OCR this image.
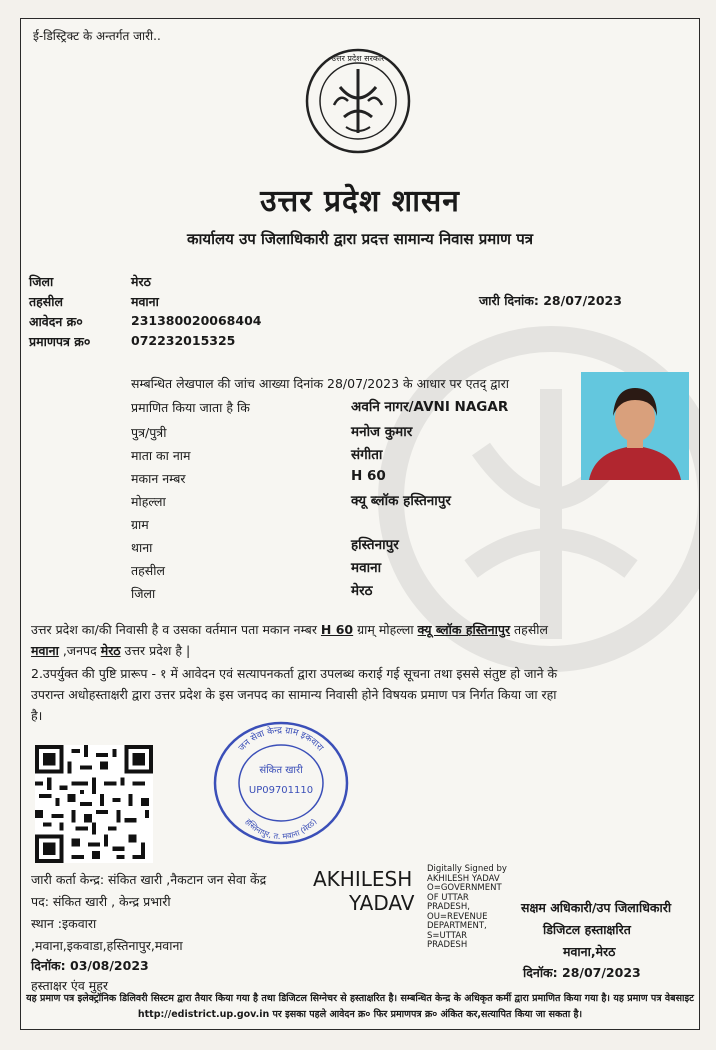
ई-डिस्ट्रिक्ट के अन्तर्गत जारी..
उत्तर प्रदेश सरकार
उत्तर प्रदेश शासन
कार्यालय उप जिलाधिकारी द्वारा प्रदत्त सामान्य निवास प्रमाण पत्र
जिला	मेरठ
तहसील	मवाना
आवेदन क्र०	231380020068404
प्रमाणपत्र क्र०	072232015325
जारी दिनांक: 28/07/2023
सम्बन्धित लेखपाल की जांच आख्या दिनांक 28/07/2023 के आधार पर एतद् द्वारा
प्रमाणित किया जाता है कि	अवनि नागर/AVNI NAGAR
पुत्र/पुत्री	मनोज कुमार
माता का नाम	संगीता
मकान नम्बर	H 60
मोहल्ला	क्यू ब्लॉक हस्तिनापुर
ग्राम
थाना	हस्तिनापुर
तहसील	मवाना
जिला	मेरठ
उत्तर प्रदेश का/की निवासी है व उसका वर्तमान पता मकान नम्बर H 60 ग्राम् मोहल्ला क्यू ब्लॉक हस्तिनापुर तहसील
मवाना ,जनपद मेरठ उत्तर प्रदेश है |
2.उपर्युक्त की पुष्टि प्रारूप - १ में आवेदन एवं सत्यापनकर्ता द्वारा उपलब्ध कराई गई सूचना तथा इससे संतुष्ट हो जाने के
उपरान्त अधोहस्ताक्षरी द्वारा उत्तर प्रदेश के इस जनपद का सामान्य निवासी होने विषयक प्रमाण पत्र निर्गत किया जा रहा
है।
जन सेवा केन्द्र ग्राम इकवारा
हस्तिनापुर, त. मवाना (मेरठ)
संकित खारी
UP09701110
जारी कर्ता केन्द्र: संकित खारी ,नैकटान जन सेवा केंद्र
पद: संकित खारी , केन्द्र प्रभारी
स्थान :इकवारा
,मवाना,इकवाडा,हस्तिनापुर,मवाना
दिनॉक: 03/08/2023
हस्ताक्षर एंव मुहर
AKHILESH
YADAV
Digitally Signed by AKHILESH YADAV O=GOVERNMENT OF UTTAR PRADESH, OU=REVENUE DEPARTMENT, S=UTTAR PRADESH
सक्षम अधिकारी/उप जिलाधिकारी
डिजिटल हस्ताक्षरित
मवाना,मेरठ
दिनॉक: 28/07/2023
यह प्रमाण पत्र इलेक्ट्रॉनिक डिलिवरी सिस्टम द्वारा तैयार किया गया है तथा डिजिटल सिग्नेचर से हस्ताक्षरित है। सम्बन्धित केन्द्र के अधिकृत कर्मी द्वारा प्रमाणित किया गया है। यह प्रमाण पत्र वेबसाइट http://edistrict.up.gov.in पर इसका पहले आवेदन क्र० फिर प्रमाणपत्र क्र० अंकित कर,सत्यापित किया जा सकता है।
